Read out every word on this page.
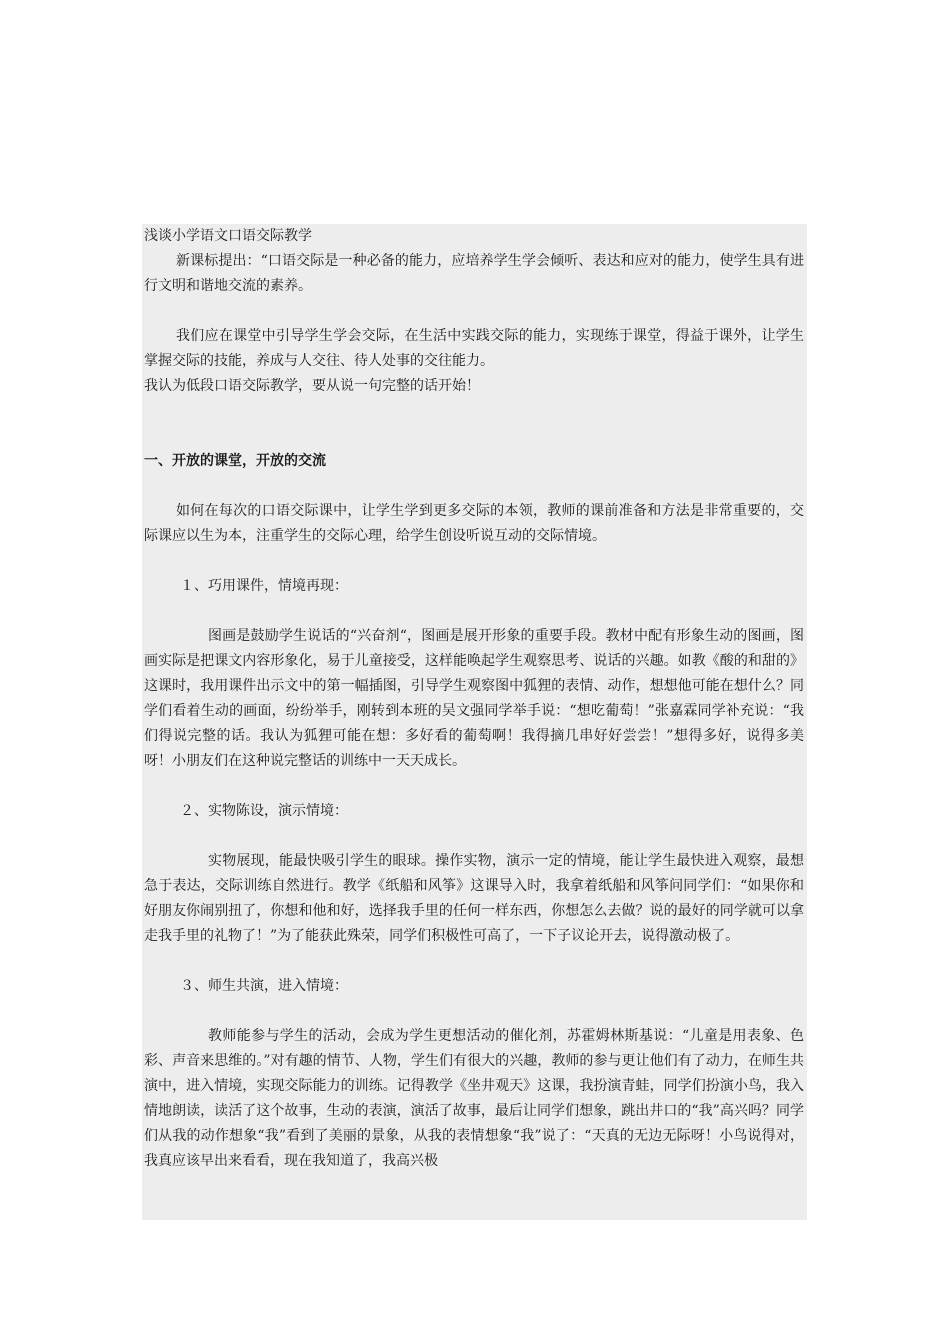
浅谈小学语文口语交际教学

新课标提出：“口语交际是一种必备的能力，应培养学生学会倾听、表达和应对的能力，使学生具有进行文明和谐地交流的素养。

我们应在课堂中引导学生学会交际，在生活中实践交际的能力，实现练于课堂，得益于课外，让学生掌握交际的技能，养成与人交往、待人处事的交往能力。

我认为低段口语交际教学，要从说一句完整的话开始！

一、开放的课堂，开放的交流

如何在每次的口语交际课中，让学生学到更多交际的本领，教师的课前准备和方法是非常重要的，交际课应以生为本，注重学生的交际心理，给学生创设听说互动的交际情境。

１、巧用课件，情境再现：

图画是鼓励学生说话的“兴奋剂“，图画是展开形象的重要手段。教材中配有形象生动的图画，图画实际是把课文内容形象化，易于儿童接受，这样能唤起学生观察思考、说话的兴趣。如教《酸的和甜的》这课时，我用课件出示文中的第一幅插图，引导学生观察图中狐狸的表情、动作，想想他可能在想什么？同学们看着生动的画面，纷纷举手，刚转到本班的吴文强同学举手说：“想吃葡萄！”张嘉霖同学补充说：“我们得说完整的话。我认为狐狸可能在想：多好看的葡萄啊！我得摘几串好好尝尝！”想得多好，说得多美呀！小朋友们在这种说完整话的训练中一天天成长。

２、实物陈设，演示情境：

实物展现，能最快吸引学生的眼球。操作实物，演示一定的情境，能让学生最快进入观察，最想急于表达，交际训练自然进行。教学《纸船和风筝》这课导入时，我拿着纸船和风筝问同学们：“如果你和好朋友你闹别扭了，你想和他和好，选择我手里的任何一样东西，你想怎么去做？说的最好的同学就可以拿走我手里的礼物了！”为了能获此殊荣，同学们积极性可高了，一下子议论开去，说得激动极了。

３、师生共演，进入情境：

教师能参与学生的活动，会成为学生更想活动的催化剂，苏霍姆林斯基说：“儿童是用表象、色彩、声音来思维的。”对有趣的情节、人物，学生们有很大的兴趣，教师的参与更让他们有了动力，在师生共演中，进入情境，实现交际能力的训练。记得教学《坐井观天》这课，我扮演青蛙，同学们扮演小鸟，我入情地朗读，读活了这个故事，生动的表演，演活了故事，最后让同学们想象，跳出井口的“我”高兴吗？同学们从我的动作想象“我”看到了美丽的景象，从我的表情想象“我”说了：“天真的无边无际呀！小鸟说得对，我真应该早出来看看，现在我知道了，我高兴极
